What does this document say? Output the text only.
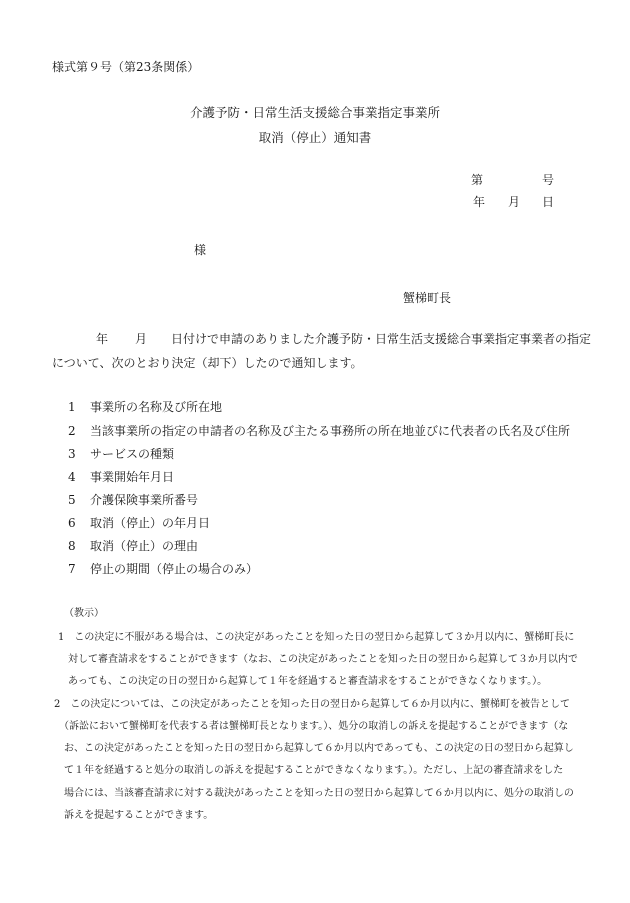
様式第９号（第23条関係）
介護予防・日常生活支援総合事業指定事業所
取消（停止）通知書
第	号
年 月 日
様
蟹梯町長
年 月 日付けで申請のありました介護予防・日常生活支援総合事業指定事業者の指定
について、次のとおり決定（却下）したので通知します。
1 事業所の名称及び所在地
2 当該事業所の指定の申請者の名称及び主たる事務所の所在地並びに代表者の氏名及び住所
3 サービスの種類
4 事業開始年月日
5 介護保険事業所番号
6 取消（停止）の年月日
8 取消（停止）の理由
7 停止の期間（停止の場合のみ）
（教示）
1　この決定に不服がある場合は、この決定があったことを知った日の翌日から起算して３か月以内に、蟹梯町長に
　対して審査請求をすることができます（なお、この決定があったことを知った日の翌日から起算して３か月以内で
　あっても、この決定の日の翌日から起算して１年を経過すると審査請求をすることができなくなります。）。
2　この決定については、この決定があったことを知った日の翌日から起算して６か月以内に、蟹梯町を被告として
　（訴訟において蟹梯町を代表する者は蟹梯町長となります。）、処分の取消しの訴えを提起することができます（な
　お、この決定があったことを知った日の翌日から起算して６か月以内であっても、この決定の日の翌日から起算し
　て１年を経過すると処分の取消しの訴えを提起することができなくなります。）。ただし、上記の審査請求をした
　場合には、当該審査請求に対する裁決があったことを知った日の翌日から起算して６か月以内に、処分の取消しの
　訴えを提起することができます。
